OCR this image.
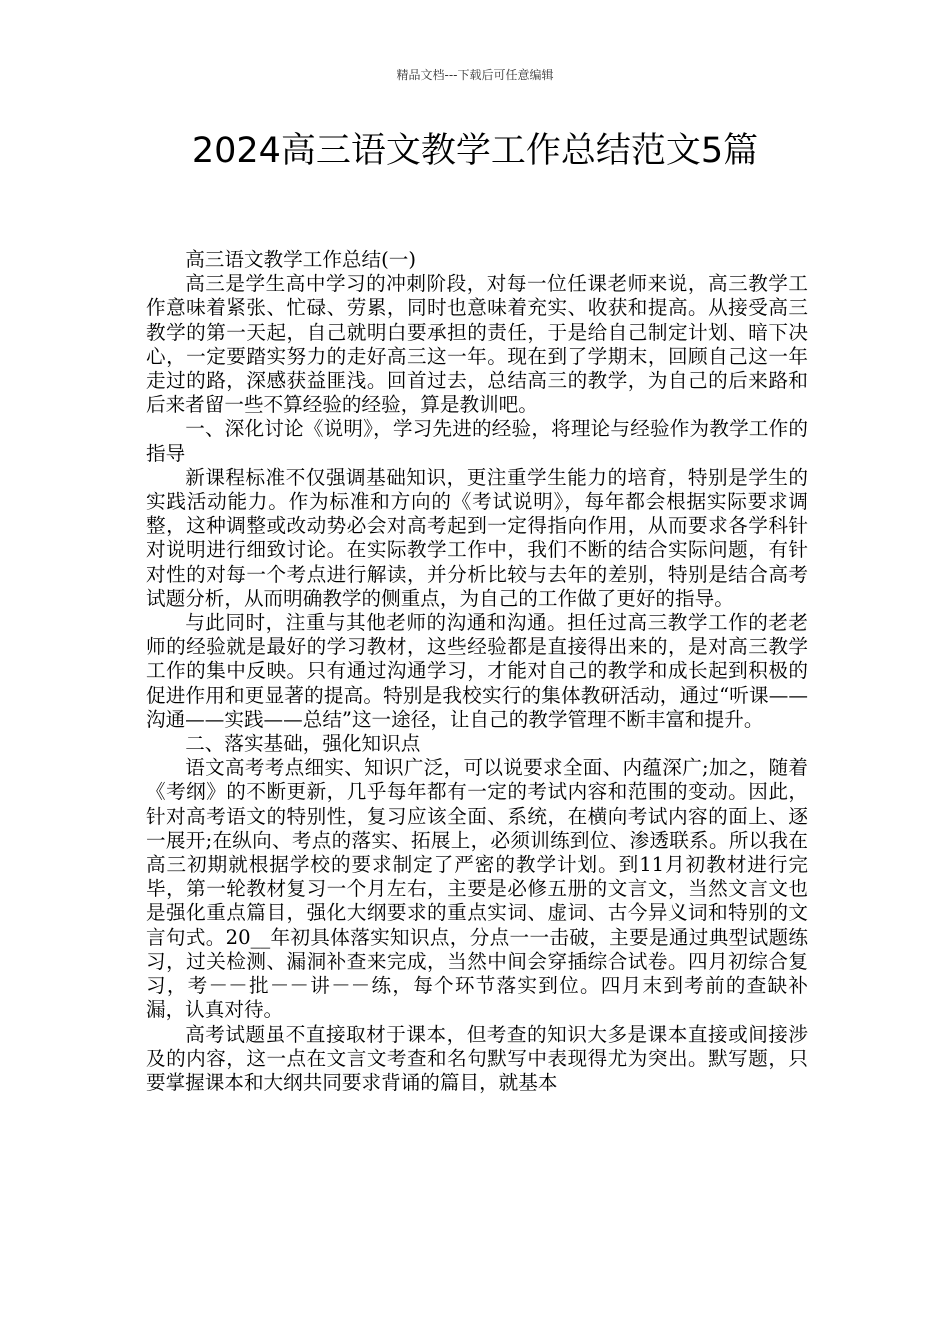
精品文档---下载后可任意编辑
2024高三语文教学工作总结范文5篇

高三语文教学工作总结(一)

高三是学生高中学习的冲刺阶段，对每一位任课老师来说，高三教学工作意味着紧张、忙碌、劳累，同时也意味着充实、收获和提高。从接受高三教学的第一天起，自己就明白要承担的责任，于是给自己制定计划、暗下决心，一定要踏实努力的走好高三这一年。现在到了学期末，回顾自己这一年走过的路，深感获益匪浅。回首过去，总结高三的教学，为自己的后来路和后来者留一些不算经验的经验，算是教训吧。

一、深化讨论《说明》，学习先进的经验，将理论与经验作为教学工作的指导

新课程标准不仅强调基础知识，更注重学生能力的培育，特别是学生的实践活动能力。作为标准和方向的《考试说明》，每年都会根据实际要求调整，这种调整或改动势必会对高考起到一定得指向作用，从而要求各学科针对说明进行细致讨论。在实际教学工作中，我们不断的结合实际问题，有针对性的对每一个考点进行解读，并分析比较与去年的差别，特别是结合高考试题分析，从而明确教学的侧重点，为自己的工作做了更好的指导。

与此同时，注重与其他老师的沟通和沟通。担任过高三教学工作的老老师的经验就是最好的学习教材，这些经验都是直接得出来的，是对高三教学工作的集中反映。只有通过沟通学习，才能对自己的教学和成长起到积极的促进作用和更显著的提高。特别是我校实行的集体教研活动，通过“听课——沟通——实践——总结”这一途径，让自己的教学管理不断丰富和提升。

二、落实基础，强化知识点

语文高考考点细实、知识广泛，可以说要求全面、内蕴深广;加之，随着《考纲》的不断更新，几乎每年都有一定的考试内容和范围的变动。因此，针对高考语文的特别性，复习应该全面、系统，在横向考试内容的面上、逐一展开;在纵向、考点的落实、拓展上，必须训练到位、渗透联系。所以我在高三初期就根据学校的要求制定了严密的教学计划。到11月初教材进行完毕，第一轮教材复习一个月左右，主要是必修五册的文言文，当然文言文也是强化重点篇目，强化大纲要求的重点实词、虚词、古今异义词和特别的文言句式。20__年初具体落实知识点，分点一一击破，主要是通过典型试题练习，过关检测、漏洞补查来完成，当然中间会穿插综合试卷。四月初综合复习，考－－批－－讲－－练，每个环节落实到位。四月末到考前的查缺补漏，认真对待。

高考试题虽不直接取材于课本，但考查的知识大多是课本直接或间接涉及的内容，这一点在文言文考查和名句默写中表现得尤为突出。默写题，只要掌握课本和大纲共同要求背诵的篇目，就基本
